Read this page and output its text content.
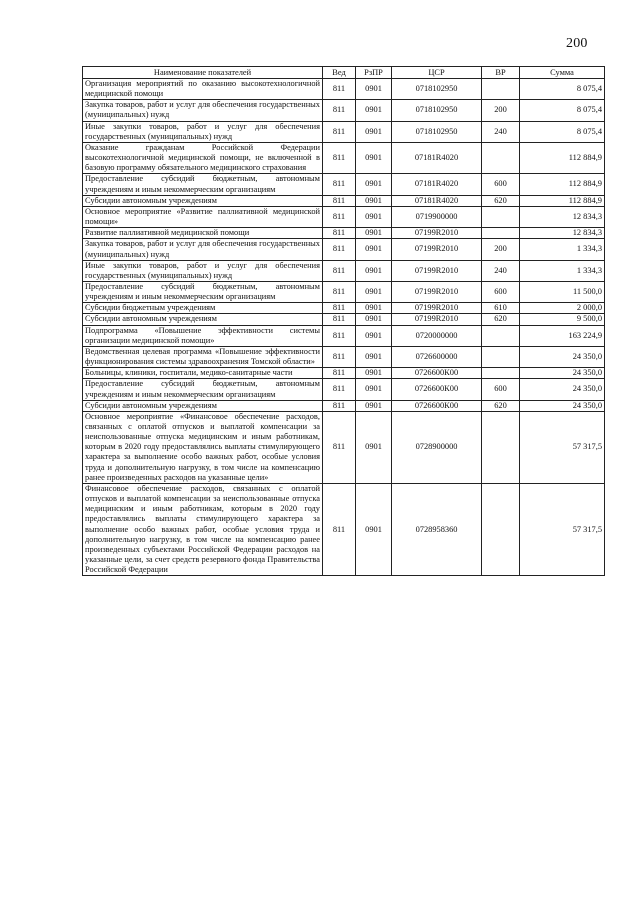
200
Наименование показателей	Вед	РзПР	ЦСР	ВР	Сумма
Организация мероприятий по оказанию высокотехнологичной медицинской помощи	811	0901	0718102950		8 075,4
Закупка товаров, работ и услуг для обеспечения государственных (муниципальных) нужд	811	0901	0718102950	200	8 075,4
Иные закупки товаров, работ и услуг для обеспечения государственных (муниципальных) нужд	811	0901	0718102950	240	8 075,4
Оказание гражданам Российской Федерации высокотехнологичной медицинской помощи, не включенной в базовую программу обязательного медицинского страхования	811	0901	07181R4020		112 884,9
Предоставление субсидий бюджетным, автономным учреждениям и иным некоммерческим организациям	811	0901	07181R4020	600	112 884,9
Субсидии автономным учреждениям	811	0901	07181R4020	620	112 884,9
Основное мероприятие «Развитие паллиативной медицинской помощи»	811	0901	0719900000		12 834,3
Развитие паллиативной медицинской помощи	811	0901	07199R2010		12 834,3
Закупка товаров, работ и услуг для обеспечения государственных (муниципальных) нужд	811	0901	07199R2010	200	1 334,3
Иные закупки товаров, работ и услуг для обеспечения государственных (муниципальных) нужд	811	0901	07199R2010	240	1 334,3
Предоставление субсидий бюджетным, автономным учреждениям и иным некоммерческим организациям	811	0901	07199R2010	600	11 500,0
Субсидии бюджетным учреждениям	811	0901	07199R2010	610	2 000,0
Субсидии автономным учреждениям	811	0901	07199R2010	620	9 500,0
Подпрограмма «Повышение эффективности системы организации медицинской помощи»	811	0901	0720000000		163 224,9
Ведомственная целевая программа «Повышение эффективности функционирования системы здравоохранения Томской области»	811	0901	0726600000		24 350,0
Больницы, клиники, госпитали, медико-санитарные части	811	0901	0726600К00		24 350,0
Предоставление субсидий бюджетным, автономным учреждениям и иным некоммерческим организациям	811	0901	0726600К00	600	24 350,0
Субсидии автономным учреждениям	811	0901	0726600К00	620	24 350,0
Основное мероприятие «Финансовое обеспечение расходов, связанных с оплатой отпусков и выплатой компенсации за неиспользованные отпуска медицинским и иным работникам, которым в 2020 году предоставлялись выплаты стимулирующего характера за выполнение особо важных работ, особые условия труда и дополнительную нагрузку, в том числе на компенсацию ранее произведенных расходов на указанные цели»	811	0901	0728900000		57 317,5
Финансовое обеспечение расходов, связанных с оплатой отпусков и выплатой компенсации за неиспользованные отпуска медицинским и иным работникам, которым в 2020 году предоставлялись выплаты стимулирующего характера за выполнение особо важных работ, особые условия труда и дополнительную нагрузку, в том числе на компенсацию ранее произведенных субъектами Российской Федерации расходов на указанные цели, за счет средств резервного фонда Правительства Российской Федерации	811	0901	0728958360		57 317,5
